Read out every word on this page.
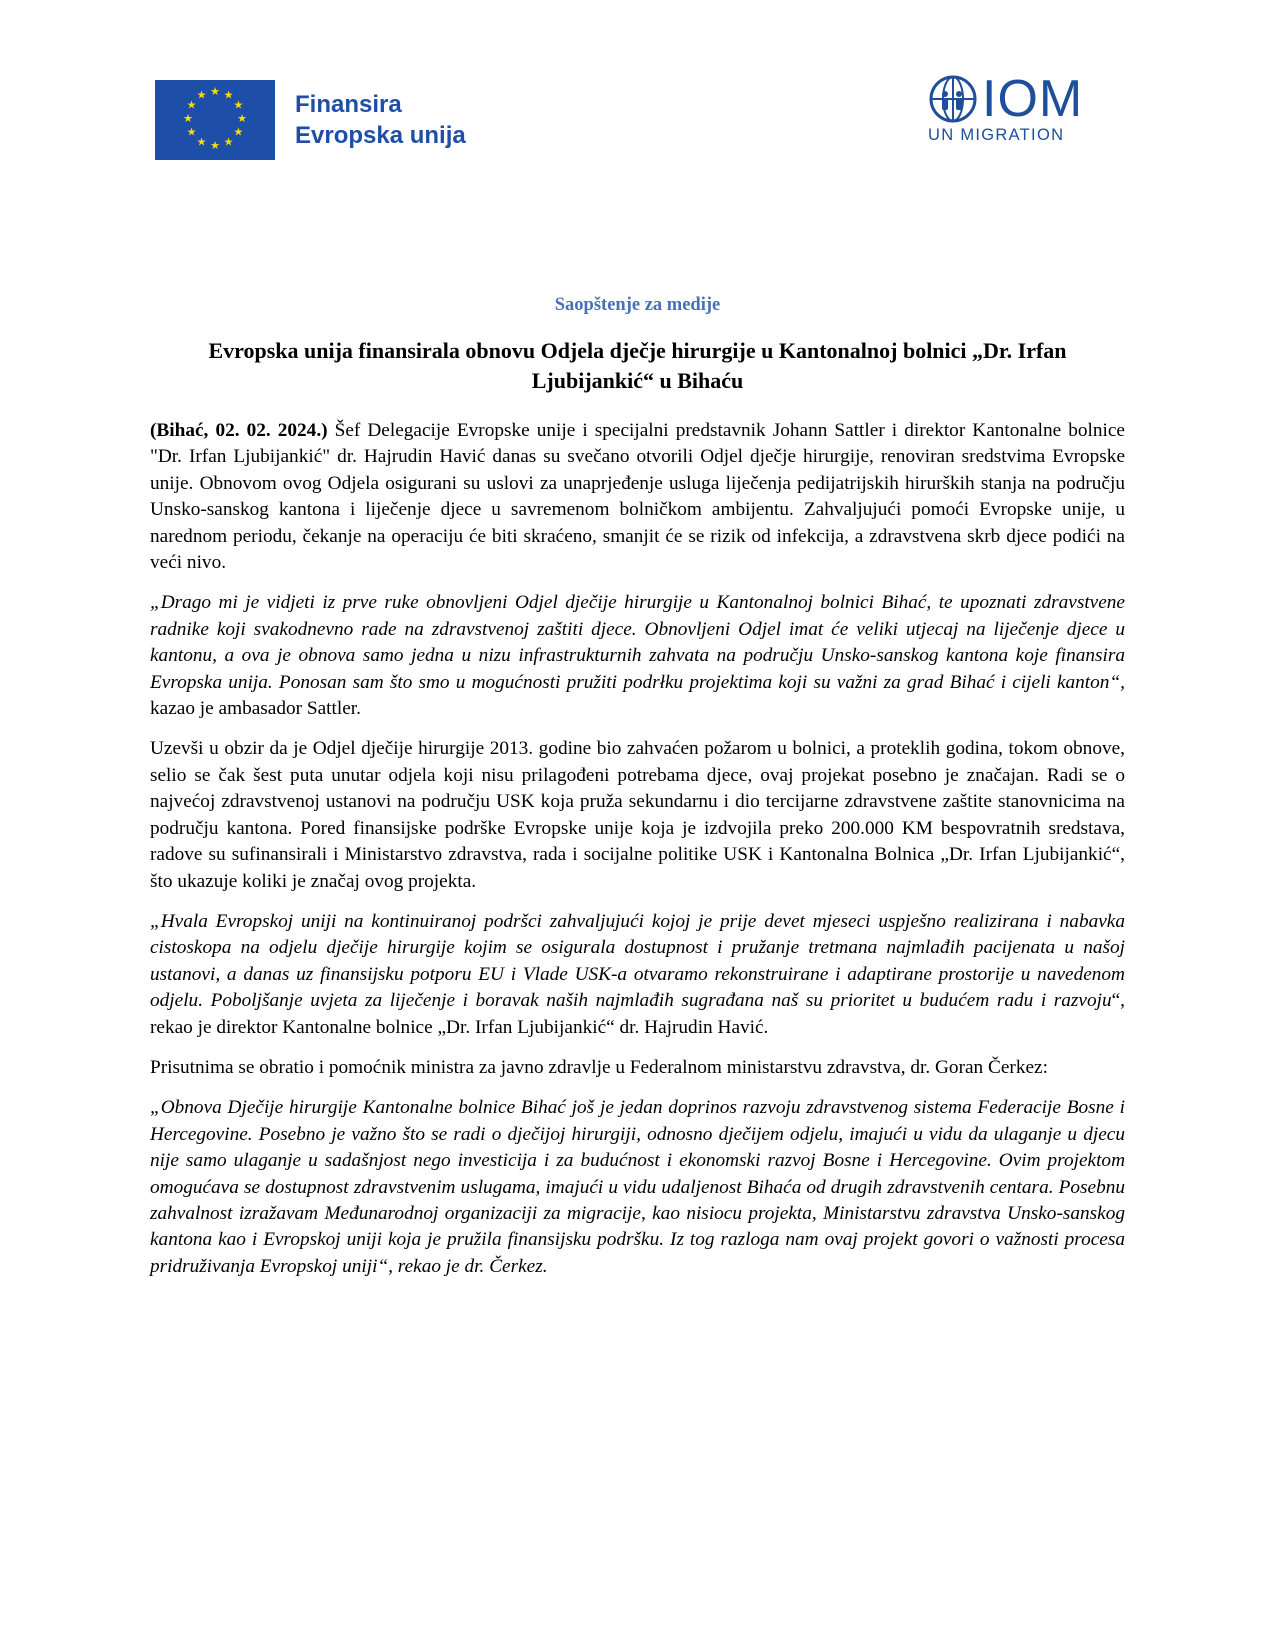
★ ★
★
★
★
★
★
★
★
★
★
★	Finansira
Evropska unija
IOM
UN MIGRATION
Saopštenje za medije
Evropska unija finansirala obnovu Odjela dječje hirurgije u Kantonalnoj bolnici „Dr. Irfan Ljubijankić“ u Bihaću

(Bihać, 02. 02. 2024.) Šef Delegacije Evropske unije i specijalni predstavnik Johann Sattler i direktor Kantonalne bolnice "Dr. Irfan Ljubijankić" dr. Hajrudin Havić danas su svečano otvorili Odjel dječje hirurgije, renoviran sredstvima Evropske unije. Obnovom ovog Odjela osigurani su uslovi za unaprjeđenje usluga liječenja pedijatrijskih hirurških stanja na području Unsko-sanskog kantona i liječenje djece u savremenom bolničkom ambijentu. Zahvaljujući pomoći Evropske unije, u narednom periodu, čekanje na operaciju će biti skraćeno, smanjit će se rizik od infekcija, a zdravstvena skrb djece podići na veći nivo.

„Drago mi je vidjeti iz prve ruke obnovljeni Odjel dječije hirurgije u Kantonalnoj bolnici Bihać, te upoznati zdravstvene radnike koji svakodnevno rade na zdravstvenoj zaštiti djece. Obnovljeni Odjel imat će veliki utjecaj na liječenje djece u kantonu, a ova je obnova samo jedna u nizu infrastrukturnih zahvata na području Unsko-sanskog kantona koje finansira Evropska unija. Ponosan sam što smo u mogućnosti pružiti podrłku projektima koji su važni za grad Bihać i cijeli kanton“, kazao je ambasador Sattler.

Uzevši u obzir da je Odjel dječije hirurgije 2013. godine bio zahvaćen požarom u bolnici, a proteklih godina, tokom obnove, selio se čak šest puta unutar odjela koji nisu prilagođeni potrebama djece, ovaj projekat posebno je značajan. Radi se o najvećoj zdravstvenoj ustanovi na području USK koja pruža sekundarnu i dio tercijarne zdravstvene zaštite stanovnicima na području kantona. Pored finansijske podrške Evropske unije koja je izdvojila preko 200.000 KM bespovratnih sredstava, radove su sufinansirali i Ministarstvo zdravstva, rada i socijalne politike USK i Kantonalna Bolnica „Dr. Irfan Ljubijankić“, što ukazuje koliki je značaj ovog projekta.

„Hvala Evropskoj uniji na kontinuiranoj podršci zahvaljujući kojoj je prije devet mjeseci uspješno realizirana i nabavka cistoskopa na odjelu dječije hirurgije kojim se osigurala dostupnost i pružanje tretmana najmlađih pacijenata u našoj ustanovi, a danas uz finansijsku potporu EU i Vlade USK-a otvaramo rekonstruirane i adaptirane prostorije u navedenom odjelu. Poboljšanje uvjeta za liječenje i boravak naših najmlađih sugrađana naš su prioritet u budućem radu i razvoju“, rekao je direktor Kantonalne bolnice „Dr. Irfan Ljubijankić“ dr. Hajrudin Havić.

Prisutnima se obratio i pomoćnik ministra za javno zdravlje u Federalnom ministarstvu zdravstva, dr. Goran Čerkez:

„Obnova Dječije hirurgije Kantonalne bolnice Bihać još je jedan doprinos razvoju zdravstvenog sistema Federacije Bosne i Hercegovine. Posebno je važno što se radi o dječijoj hirurgiji, odnosno dječijem odjelu, imajući u vidu da ulaganje u djecu nije samo ulaganje u sadašnjost nego investicija i za budućnost i ekonomski razvoj Bosne i Hercegovine. Ovim projektom omogućava se dostupnost zdravstvenim uslugama, imajući u vidu udaljenost Bihaća od drugih zdravstvenih centara. Posebnu zahvalnost izražavam Međunarodnoj organizaciji za migracije, kao nisiocu projekta, Ministarstvu zdravstva Unsko-sanskog kantona kao i Evropskoj uniji koja je pružila finansijsku podršku. Iz tog razloga nam ovaj projekt govori o važnosti procesa pridruživanja Evropskoj uniji“, rekao je dr. Čerkez.
